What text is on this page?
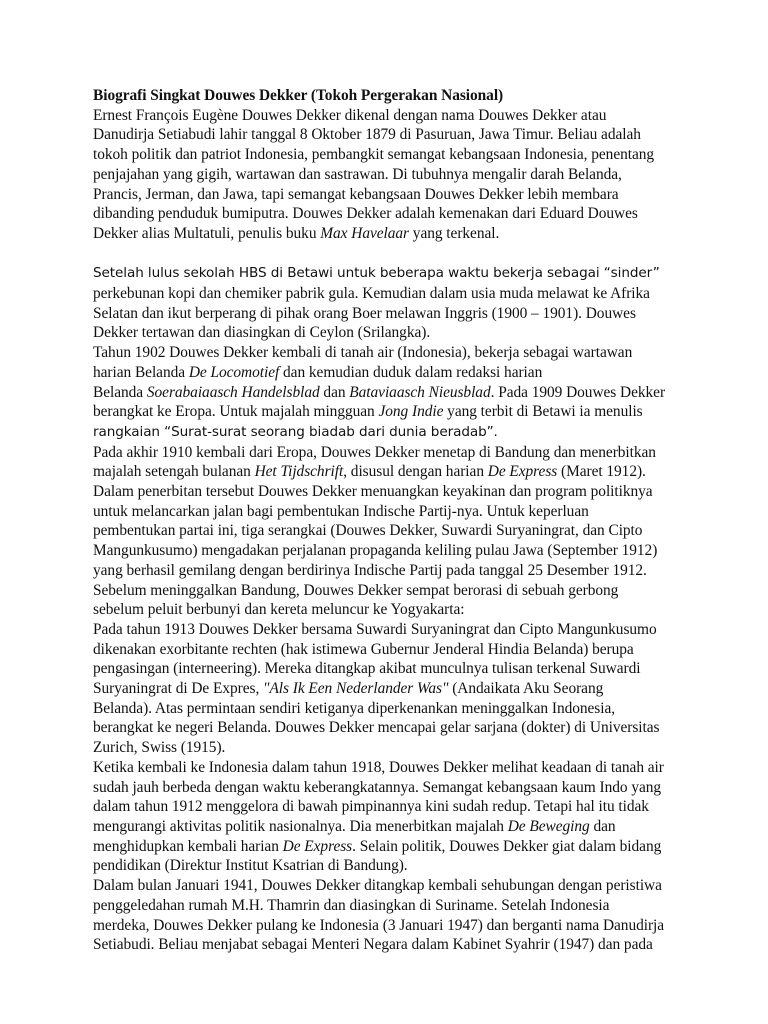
Biografi Singkat Douwes Dekker (Tokoh Pergerakan Nasional)
Ernest François Eugène Douwes Dekker dikenal dengan nama Douwes Dekker atau
Danudirja Setiabudi lahir tanggal 8 Oktober 1879 di Pasuruan, Jawa Timur. Beliau adalah
tokoh politik dan patriot Indonesia, pembangkit semangat kebangsaan Indonesia, penentang
penjajahan yang gigih, wartawan dan sastrawan. Di tubuhnya mengalir darah Belanda,
Prancis, Jerman, dan Jawa, tapi semangat kebangsaan Douwes Dekker lebih membara
dibanding penduduk bumiputra. Douwes Dekker adalah kemenakan dari Eduard Douwes
Dekker alias Multatuli, penulis buku Max Havelaar yang terkenal.
Setelah lulus sekolah HBS di Betawi untuk beberapa waktu bekerja sebagai “sinder”
perkebunan kopi dan chemiker pabrik gula. Kemudian dalam usia muda melawat ke Afrika
Selatan dan ikut berperang di pihak orang Boer melawan Inggris (1900 – 1901). Douwes
Dekker tertawan dan diasingkan di Ceylon (Srilangka).
Tahun 1902 Douwes Dekker kembali di tanah air (Indonesia), bekerja sebagai wartawan
harian Belanda De Locomotief dan kemudian duduk dalam redaksi harian
Belanda Soerabaiaasch Handelsblad dan Bataviaasch Nieusblad. Pada 1909 Douwes Dekker
berangkat ke Eropa. Untuk majalah mingguan Jong Indie yang terbit di Betawi ia menulis
rangkaian “Surat-surat seorang biadab dari dunia beradab”.
Pada akhir 1910 kembali dari Eropa, Douwes Dekker menetap di Bandung dan menerbitkan
majalah setengah bulanan Het Tijdschrift, disusul dengan harian De Express (Maret 1912).
Dalam penerbitan tersebut Douwes Dekker menuangkan keyakinan dan program politiknya
untuk melancarkan jalan bagi pembentukan Indische Partij-nya. Untuk keperluan
pembentukan partai ini, tiga serangkai (Douwes Dekker, Suwardi Suryaningrat, dan Cipto
Mangunkusumo) mengadakan perjalanan propaganda keliling pulau Jawa (September 1912)
yang berhasil gemilang dengan berdirinya Indische Partij pada tanggal 25 Desember 1912.
Sebelum meninggalkan Bandung, Douwes Dekker sempat berorasi di sebuah gerbong
sebelum peluit berbunyi dan kereta meluncur ke Yogyakarta:
Pada tahun 1913 Douwes Dekker bersama Suwardi Suryaningrat dan Cipto Mangunkusumo
dikenakan exorbitante rechten (hak istimewa Gubernur Jenderal Hindia Belanda) berupa
pengasingan (interneering). Mereka ditangkap akibat munculnya tulisan terkenal Suwardi
Suryaningrat di De Expres, "Als Ik Een Nederlander Was" (Andaikata Aku Seorang
Belanda). Atas permintaan sendiri ketiganya diperkenankan meninggalkan Indonesia,
berangkat ke negeri Belanda. Douwes Dekker mencapai gelar sarjana (dokter) di Universitas
Zurich, Swiss (1915).
Ketika kembali ke Indonesia dalam tahun 1918, Douwes Dekker melihat keadaan di tanah air
sudah jauh berbeda dengan waktu keberangkatannya. Semangat kebangsaan kaum Indo yang
dalam tahun 1912 menggelora di bawah pimpinannya kini sudah redup. Tetapi hal itu tidak
mengurangi aktivitas politik nasionalnya. Dia menerbitkan majalah De Beweging dan
menghidupkan kembali harian De Express. Selain politik, Douwes Dekker giat dalam bidang
pendidikan (Direktur Institut Ksatrian di Bandung).
Dalam bulan Januari 1941, Douwes Dekker ditangkap kembali sehubungan dengan peristiwa
penggeledahan rumah M.H. Thamrin dan diasingkan di Suriname. Setelah Indonesia
merdeka, Douwes Dekker pulang ke Indonesia (3 Januari 1947) dan berganti nama Danudirja
Setiabudi. Beliau menjabat sebagai Menteri Negara dalam Kabinet Syahrir (1947) dan pada
